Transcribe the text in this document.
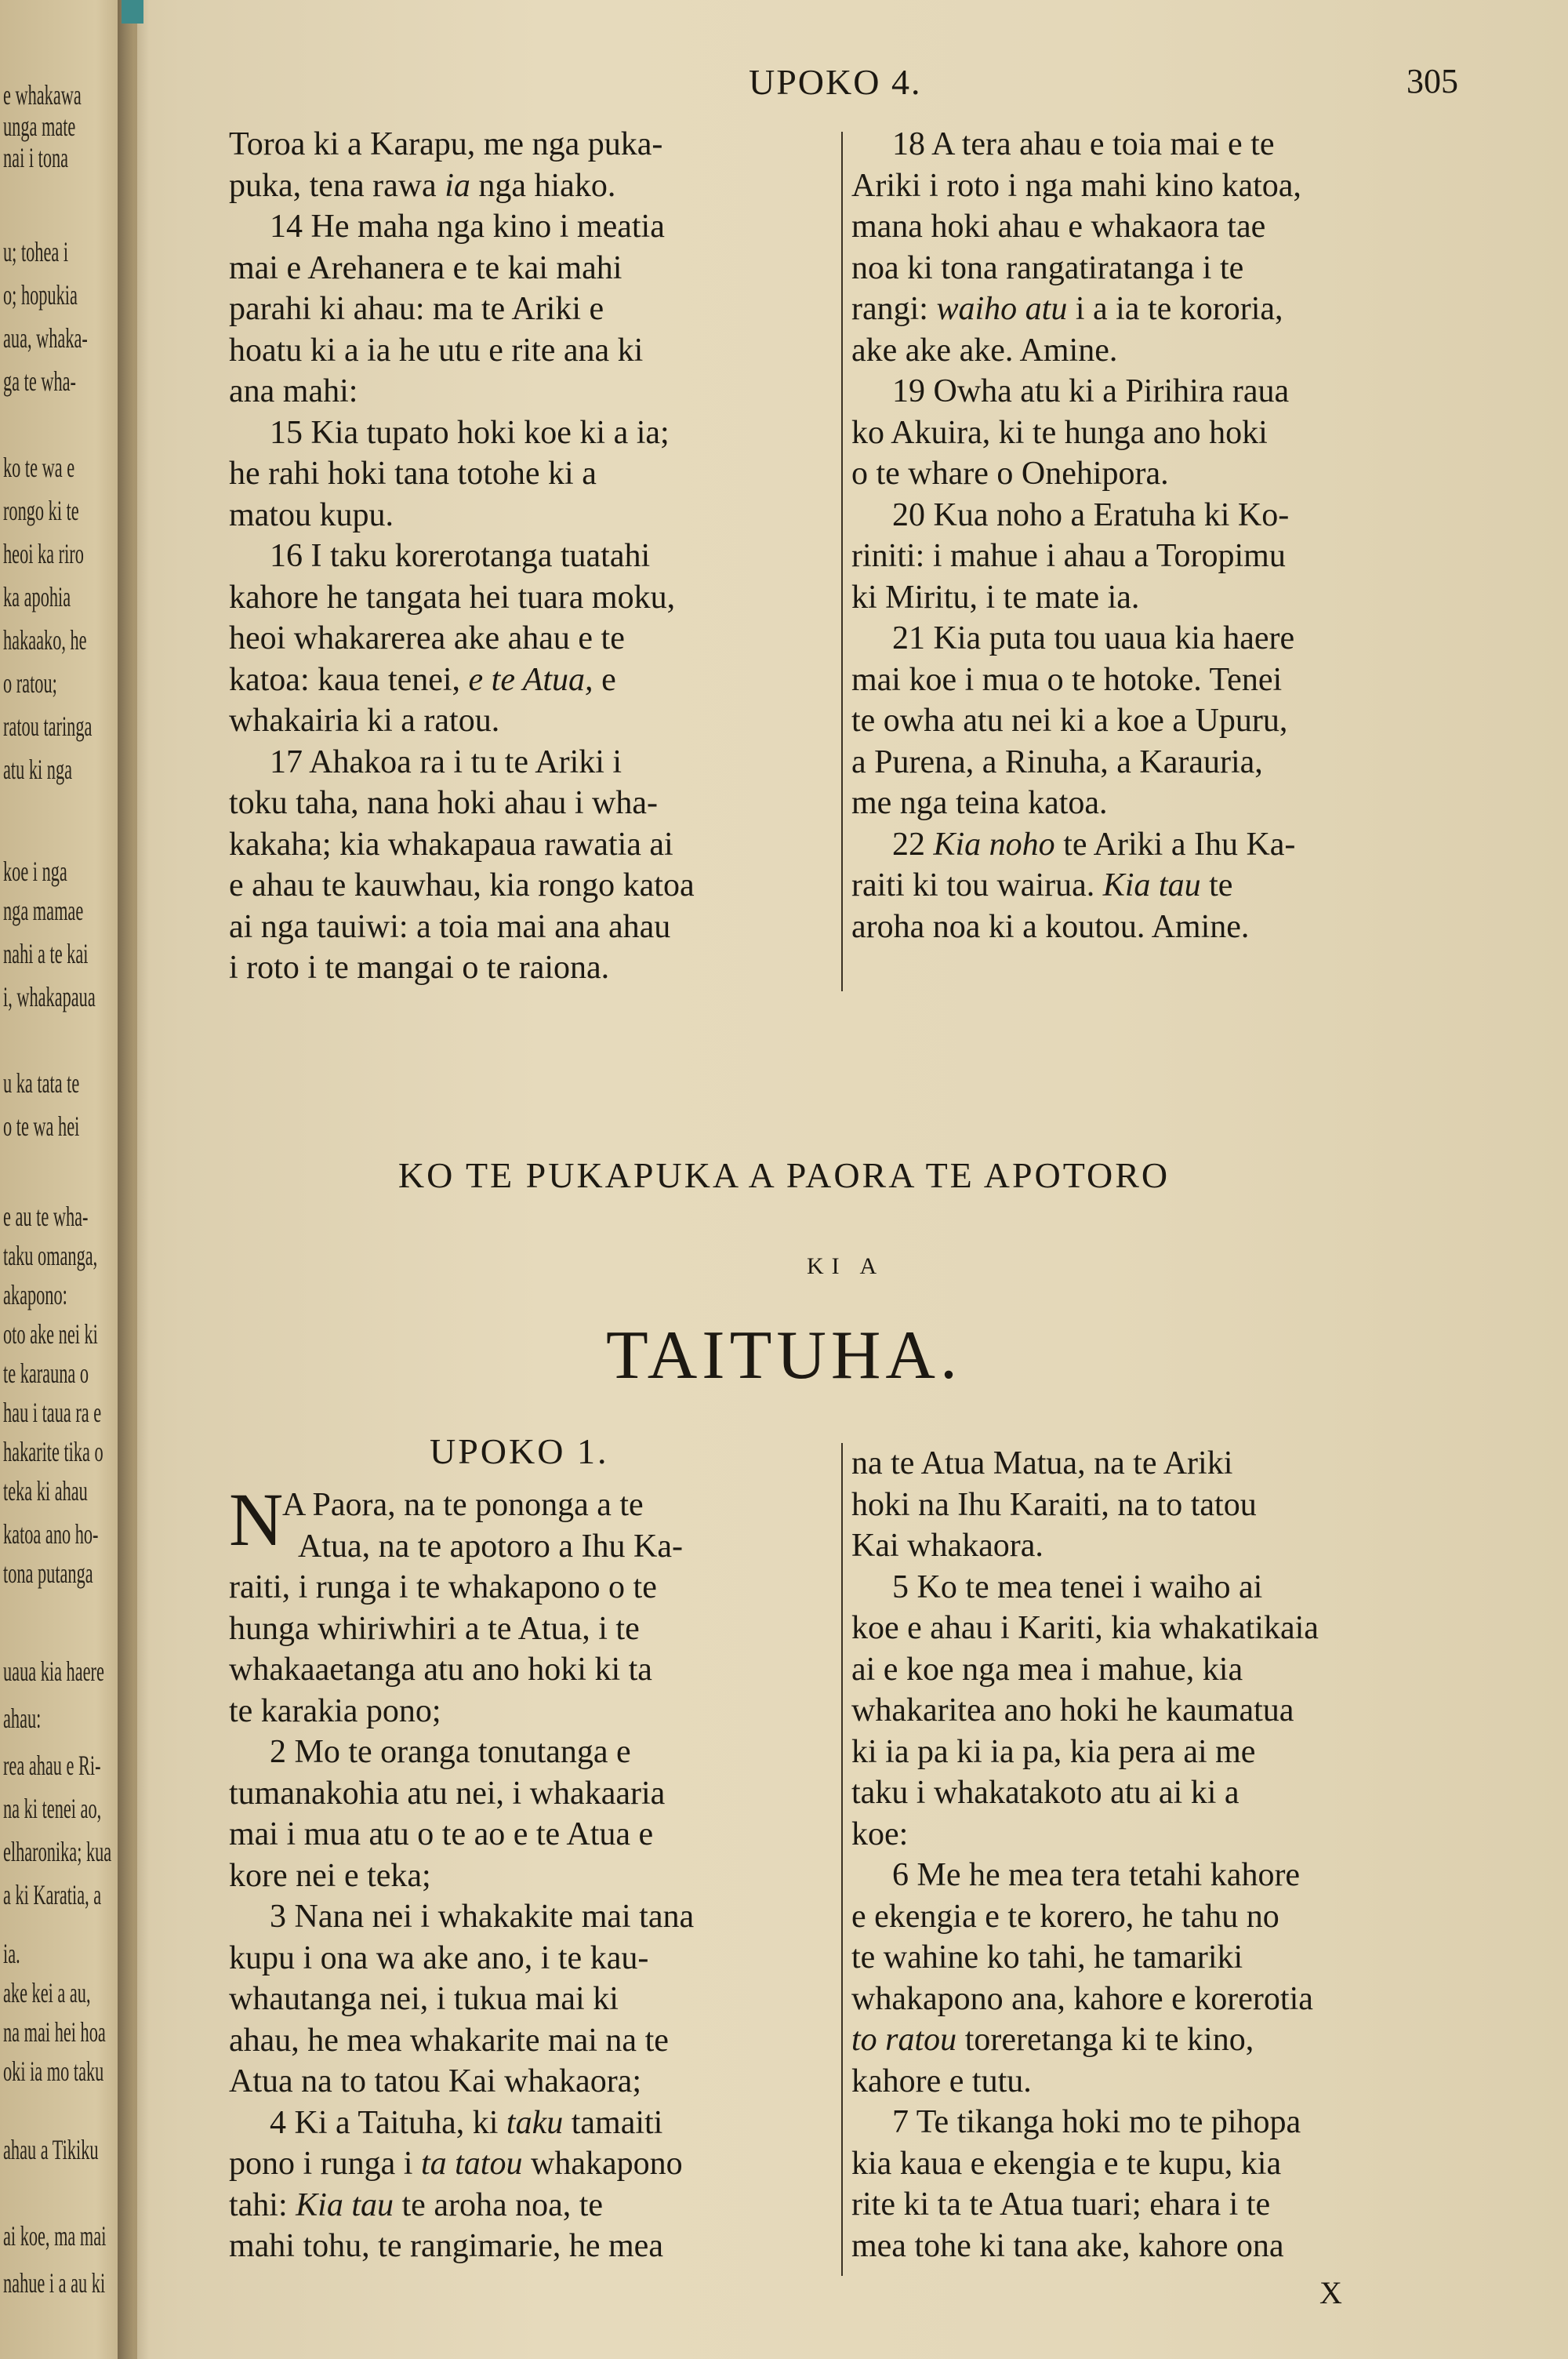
e whakawa
unga mate
nai i tona
u; tohea i
o; hopukia
aua, whaka-
ga te wha-
ko te wa e
rongo ki te
heoi ka riro
ka apohia
hakaako, he
o ratou;
ratou taringa
atu ki nga
koe i nga
nga mamae
nahi a te kai
i, whakapaua
u ka tata te
o te wa hei
e au te wha-
taku omanga,
akapono:
oto ake nei ki
te karauna o
hau i taua ra e
hakarite tika o
teka ki ahau
katoa ano ho-
tona putanga
uaua kia haere
ahau:
rea ahau e Ri-
na ki tenei ao,
elharonika; kua
a ki Karatia, a
ia.
ake kei a au,
na mai hei hoa
oki ia mo taku
ahau a Tikiku
ai koe, ma mai
nahue i a au ki
UPOKO 4.	305

Toroa ki a Karapu, me nga puka-

puka, tena rawa ia nga hiako.

14 He maha nga kino i meatia

mai e Arehanera e te kai mahi

parahi ki ahau: ma te Ariki e

hoatu ki a ia he utu e rite ana ki

ana mahi:

15 Kia tupato hoki koe ki a ia;

he rahi hoki tana totohe ki a

matou kupu.

16 I taku korerotanga tuatahi

kahore he tangata hei tuara moku,

heoi whakarerea ake ahau e te

katoa: kaua tenei, e te Atua, e

whakairia ki a ratou.

17 Ahakoa ra i tu te Ariki i

toku taha, nana hoki ahau i wha-

kakaha; kia whakapaua rawatia ai

e ahau te kauwhau, kia rongo katoa

ai nga tauiwi: a toia mai ana ahau

i roto i te mangai o te raiona.

18 A tera ahau e toia mai e te

Ariki i roto i nga mahi kino katoa,

mana hoki ahau e whakaora tae

noa ki tona rangatiratanga i te

rangi: waiho atu i a ia te kororia,

ake ake ake. Amine.

19 Owha atu ki a Pirihira raua

ko Akuira, ki te hunga ano hoki

o te whare o Onehipora.

20 Kua noho a Eratuha ki Ko-

riniti: i mahue i ahau a Toropimu

ki Miritu, i te mate ia.

21 Kia puta tou uaua kia haere

mai koe i mua o te hotoke. Tenei

te owha atu nei ki a koe a Upuru,

a Purena, a Rinuha, a Karauria,

me nga teina katoa.

22 Kia noho te Ariki a Ihu Ka-

raiti ki tou wairua. Kia tau te

aroha noa ki a koutou. Amine.

KO TE PUKAPUKA A PAORA TE APOTORO
KI A
TAITUHA.
UPOKO 1.
N

A Paora, na te pononga a te

Atua, na te apotoro a Ihu Ka-

raiti, i runga i te whakapono o te

hunga whiriwhiri a te Atua, i te

whakaaetanga atu ano hoki ki ta

te karakia pono;

2 Mo te oranga tonutanga e

tumanakohia atu nei, i whakaaria

mai i mua atu o te ao e te Atua e

kore nei e teka;

3 Nana nei i whakakite mai tana

kupu i ona wa ake ano, i te kau-

whautanga nei, i tukua mai ki

ahau, he mea whakarite mai na te

Atua na to tatou Kai whakaora;

4 Ki a Taituha, ki taku tamaiti

pono i runga i ta tatou whakapono

tahi: Kia tau te aroha noa, te

mahi tohu, te rangimarie, he mea

na te Atua Matua, na te Ariki

hoki na Ihu Karaiti, na to tatou

Kai whakaora.

5 Ko te mea tenei i waiho ai

koe e ahau i Kariti, kia whakatikaia

ai e koe nga mea i mahue, kia

whakaritea ano hoki he kaumatua

ki ia pa ki ia pa, kia pera ai me

taku i whakatakoto atu ai ki a

koe:

6 Me he mea tera tetahi kahore

e ekengia e te korero, he tahu no

te wahine ko tahi, he tamariki

whakapono ana, kahore e korerotia

to ratou toreretanga ki te kino,

kahore e tutu.

7 Te tikanga hoki mo te pihopa

kia kaua e ekengia e te kupu, kia

rite ki ta te Atua tuari; ehara i te

mea tohe ki tana ake, kahore ona

X
